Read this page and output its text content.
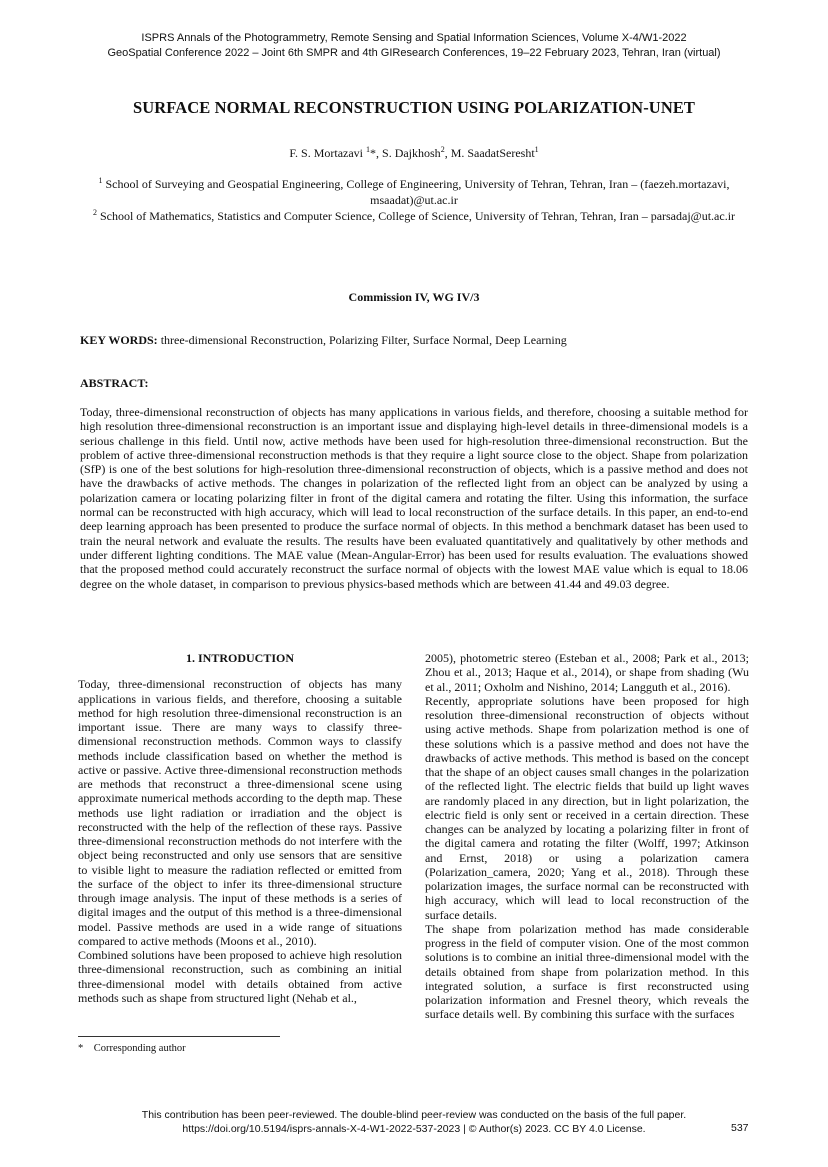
ISPRS Annals of the Photogrammetry, Remote Sensing and Spatial Information Sciences, Volume X-4/W1-2022
GeoSpatial Conference 2022 – Joint 6th SMPR and 4th GIResearch Conferences, 19–22 February 2023, Tehran, Iran (virtual)
SURFACE NORMAL RECONSTRUCTION USING POLARIZATION-UNET
F. S. Mortazavi $^1$*, S. Dajkhosh$^2$, M. SaadatSeresht$^1$
$^1$ School of Surveying and Geospatial Engineering, College of Engineering, University of Tehran, Tehran, Iran – (faezeh.mortazavi, msaadat)@ut.ac.ir
$^2$ School of Mathematics, Statistics and Computer Science, College of Science, University of Tehran, Tehran, Iran – parsadaj@ut.ac.ir
Commission IV, WG IV/3
KEY WORDS: three-dimensional Reconstruction, Polarizing Filter, Surface Normal, Deep Learning
ABSTRACT:
Today, three-dimensional reconstruction of objects has many applications in various fields, and therefore, choosing a suitable method for high resolution three-dimensional reconstruction is an important issue and displaying high-level details in three-dimensional models is a serious challenge in this field. Until now, active methods have been used for high-resolution three-dimensional reconstruction. But the problem of active three-dimensional reconstruction methods is that they require a light source close to the object. Shape from polarization (SfP) is one of the best solutions for high-resolution three-dimensional reconstruction of objects, which is a passive method and does not have the drawbacks of active methods. The changes in polarization of the reflected light from an object can be analyzed by using a polarization camera or locating polarizing filter in front of the digital camera and rotating the filter. Using this information, the surface normal can be reconstructed with high accuracy, which will lead to local reconstruction of the surface details. In this paper, an end-to-end deep learning approach has been presented to produce the surface normal of objects. In this method a benchmark dataset has been used to train the neural network and evaluate the results. The results have been evaluated quantitatively and qualitatively by other methods and under different lighting conditions. The MAE value (Mean-Angular-Error) has been used for results evaluation. The evaluations showed that the proposed method could accurately reconstruct the surface normal of objects with the lowest MAE value which is equal to 18.06 degree on the whole dataset, in comparison to previous physics-based methods which are between 41.44 and 49.03 degree.

1. INTRODUCTION

Today, three-dimensional reconstruction of objects has many applications in various fields, and therefore, choosing a suitable method for high resolution three-dimensional reconstruction is an important issue. There are many ways to classify three-dimensional reconstruction methods. Common ways to classify methods include classification based on whether the method is active or passive. Active three-dimensional reconstruction methods are methods that reconstruct a three-dimensional scene using approximate numerical methods according to the depth map. These methods use light radiation or irradiation and the object is reconstructed with the help of the reflection of these rays. Passive three-dimensional reconstruction methods do not interfere with the object being reconstructed and only use sensors that are sensitive to visible light to measure the radiation reflected or emitted from the surface of the object to infer its three-dimensional structure through image analysis. The input of these methods is a series of digital images and the output of this method is a three-dimensional model. Passive methods are used in a wide range of situations compared to active methods (Moons et al., 2010).

Combined solutions have been proposed to achieve high resolution three-dimensional reconstruction, such as combining an initial three-dimensional model with details obtained from active methods such as shape from structured light (Nehab et al.,

2005), photometric stereo (Esteban et al., 2008; Park et al., 2013; Zhou et al., 2013; Haque et al., 2014), or shape from shading (Wu et al., 2011; Oxholm and Nishino, 2014; Langguth et al., 2016).

Recently, appropriate solutions have been proposed for high resolution three-dimensional reconstruction of objects without using active methods. Shape from polarization method is one of these solutions which is a passive method and does not have the drawbacks of active methods. This method is based on the concept that the shape of an object causes small changes in the polarization of the reflected light. The electric fields that build up light waves are randomly placed in any direction, but in light polarization, the electric field is only sent or received in a certain direction. These changes can be analyzed by locating a polarizing filter in front of the digital camera and rotating the filter (Wolff, 1997; Atkinson and Ernst, 2018) or using a polarization camera (Polarization_camera, 2020; Yang et al., 2018). Through these polarization images, the surface normal can be reconstructed with high accuracy, which will lead to local reconstruction of the surface details.

The shape from polarization method has made considerable progress in the field of computer vision. One of the most common solutions is to combine an initial three-dimensional model with the details obtained from shape from polarization method. In this integrated solution, a surface is first reconstructed using polarization information and Fresnel theory, which reveals the surface details well. By combining this surface with the surfaces

* Corresponding author
This contribution has been peer-reviewed. The double-blind peer-review was conducted on the basis of the full paper.
https://doi.org/10.5194/isprs-annals-X-4-W1-2022-537-2023 | © Author(s) 2023. CC BY 4.0 License.	537
